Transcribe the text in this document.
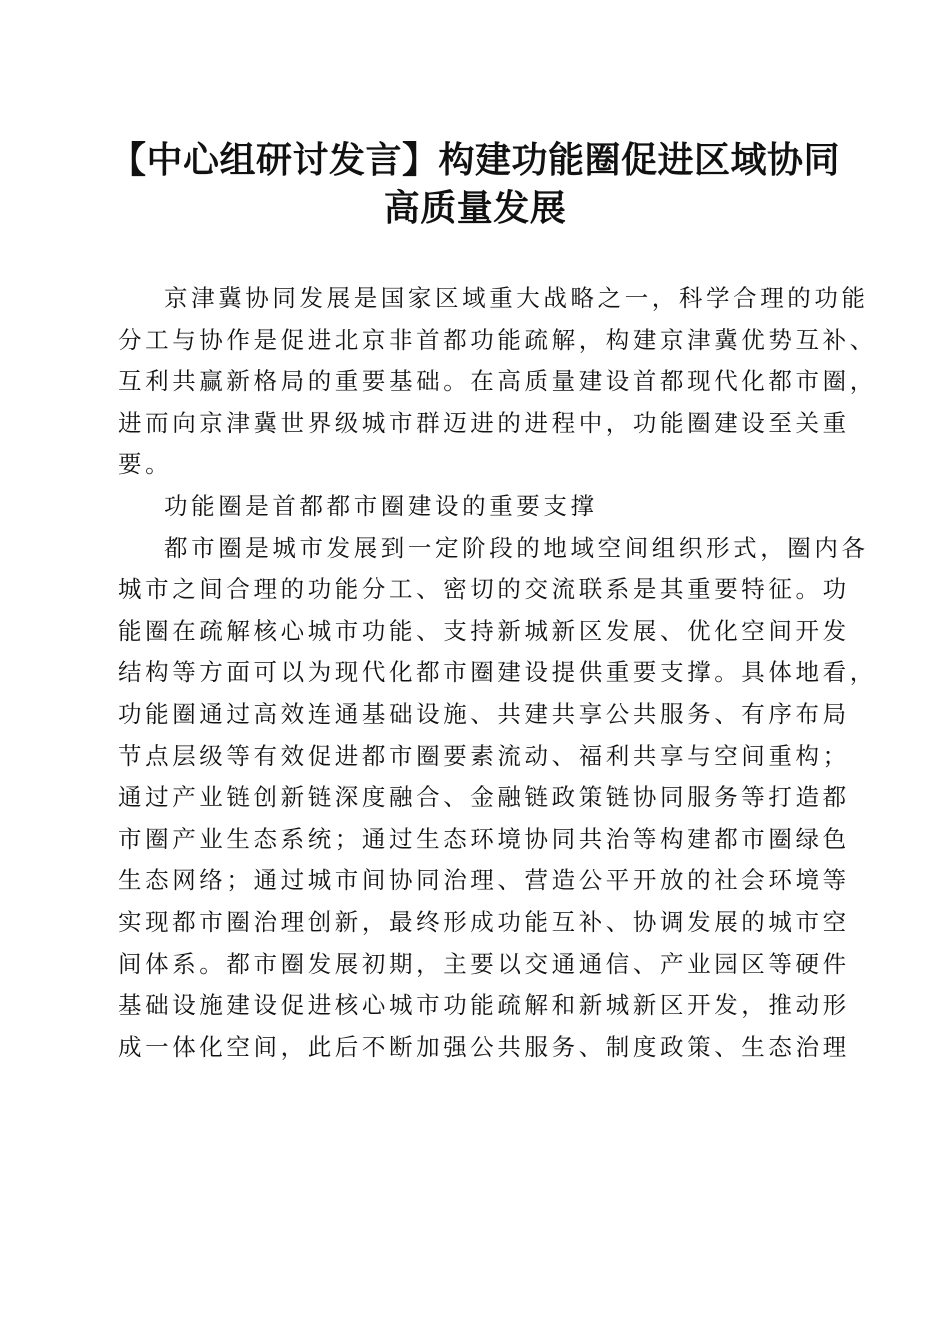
【中心组研讨发言】构建功能圈促进区域协同
高质量发展
京津冀协同发展是国家区域重大战略之一，科学合理的功能
分工与协作是促进北京非首都功能疏解，构建京津冀优势互补、
互利共赢新格局的重要基础。在高质量建设首都现代化都市圈，
进而向京津冀世界级城市群迈进的进程中，功能圈建设至关重
要。
功能圈是首都都市圈建设的重要支撑
都市圈是城市发展到一定阶段的地域空间组织形式，圈内各
城市之间合理的功能分工、密切的交流联系是其重要特征。功
能圈在疏解核心城市功能、支持新城新区发展、优化空间开发
结构等方面可以为现代化都市圈建设提供重要支撑。具体地看，
功能圈通过高效连通基础设施、共建共享公共服务、有序布局
节点层级等有效促进都市圈要素流动、福利共享与空间重构；
通过产业链创新链深度融合、金融链政策链协同服务等打造都
市圈产业生态系统；通过生态环境协同共治等构建都市圈绿色
生态网络；通过城市间协同治理、营造公平开放的社会环境等
实现都市圈治理创新，最终形成功能互补、协调发展的城市空
间体系。都市圈发展初期，主要以交通通信、产业园区等硬件
基础设施建设促进核心城市功能疏解和新城新区开发，推动形
成一体化空间，此后不断加强公共服务、制度政策、生态治理
